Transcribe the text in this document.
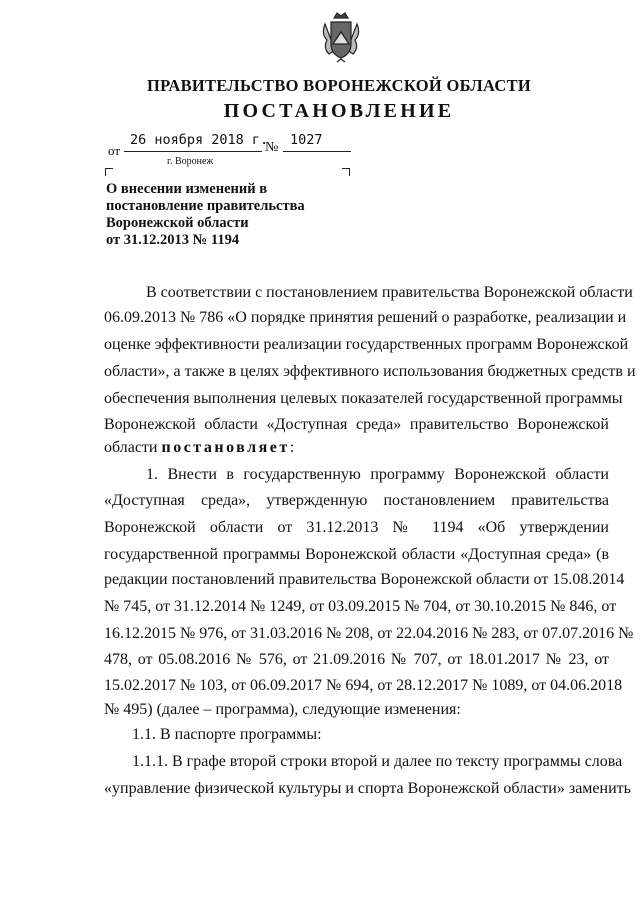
ПРАВИТЕЛЬСТВО ВОРОНЕЖСКОЙ ОБЛАСТИ
ПОСТАНОВЛЕНИЕ
от
26 ноября 2018 г.
№ 1027
г. Воронеж
О внесении изменений в
постановление правительства
Воронежской области
от 31.12.2013 № 1194
В соответствии с постановлением правительства Воронежской области
06.09.2013 № 786 «О порядке принятия решений о разработке, реализации и
оценке эффективности реализации государственных программ Воронежской
области», а также в целях эффективного использования бюджетных средств и
обеспечения выполнения целевых показателей государственной программы
Воронежской области «Доступная среда» правительство Воронежской
области постановляет:
1. Внести в государственную программу Воронежской области
«Доступная среда», утвержденную постановлением правительства
Воронежской области от 31.12.2013 № 1194 «Об утверждении
государственной программы Воронежской области «Доступная среда» (в
редакции постановлений правительства Воронежской области от 15.08.2014
№ 745, от 31.12.2014 № 1249, от 03.09.2015 № 704, от 30.10.2015 № 846, от
16.12.2015 № 976, от 31.03.2016 № 208, от 22.04.2016 № 283, от 07.07.2016 №
478, от 05.08.2016 № 576, от 21.09.2016 № 707, от 18.01.2017 № 23, от
15.02.2017 № 103, от 06.09.2017 № 694, от 28.12.2017 № 1089, от 04.06.2018
№ 495) (далее – программа), следующие изменения:
1.1. В паспорте программы:
1.1.1. В графе второй строки второй и далее по тексту программы слова
«управление физической культуры и спорта Воронежской области» заменить
